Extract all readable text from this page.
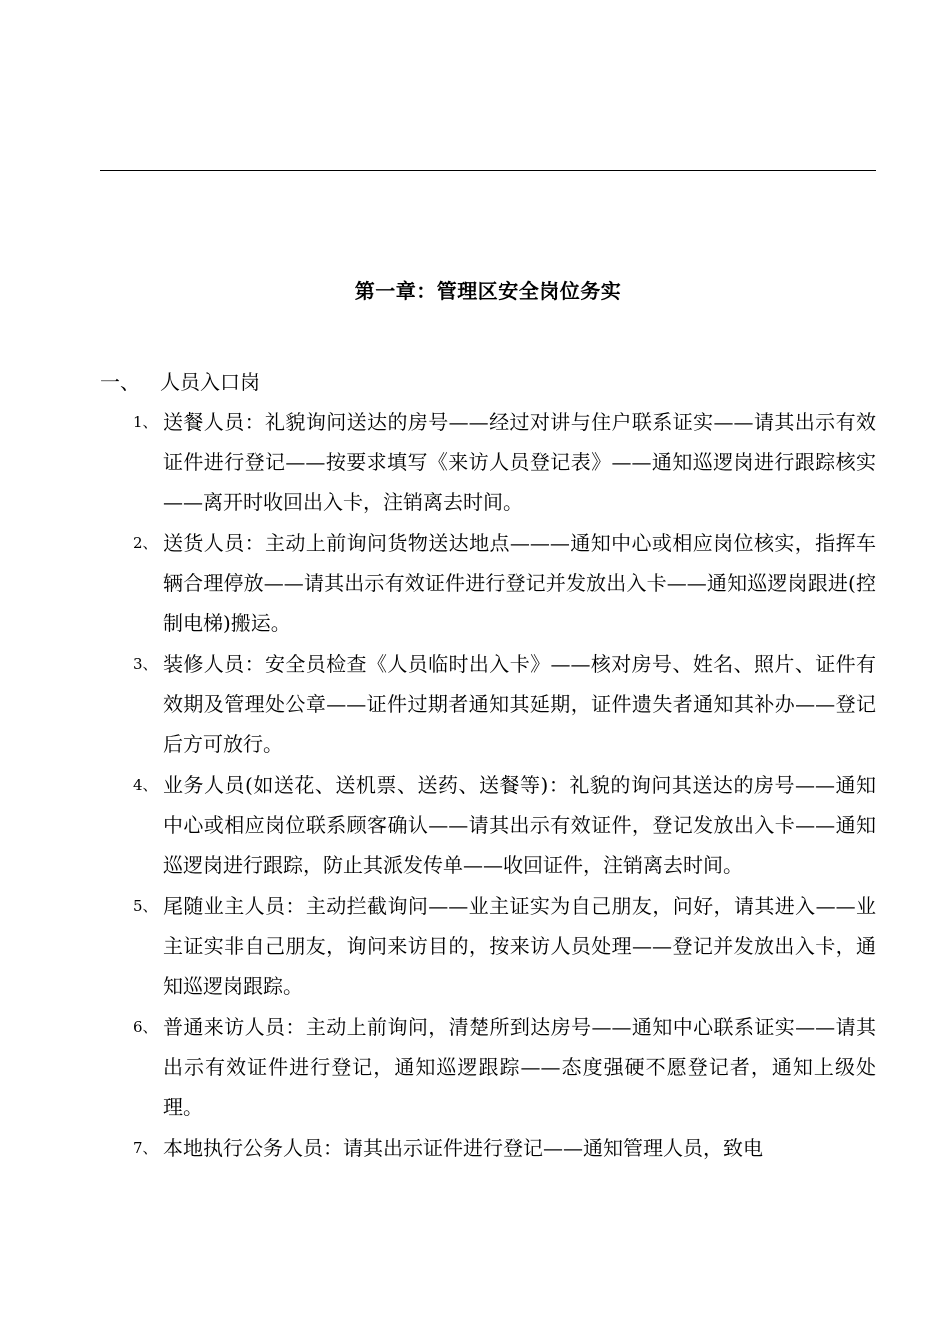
第一章：管理区安全岗位务实
一、 人员入口岗
1、 送餐人员：礼貌询问送达的房号——经过对讲与住户联系证实——请其出示有效证件进行登记——按要求填写《来访人员登记表》——通知巡逻岗进行跟踪核实——离开时收回出入卡，注销离去时间。
2、 送货人员：主动上前询问货物送达地点———通知中心或相应岗位核实，指挥车辆合理停放——请其出示有效证件进行登记并发放出入卡——通知巡逻岗跟进(控制电梯)搬运。
3、 装修人员：安全员检查《人员临时出入卡》——核对房号、姓名、照片、证件有效期及管理处公章——证件过期者通知其延期，证件遗失者通知其补办——登记后方可放行。
4、 业务人员(如送花、送机票、送药、送餐等)：礼貌的询问其送达的房号——通知中心或相应岗位联系顾客确认——请其出示有效证件，登记发放出入卡——通知巡逻岗进行跟踪，防止其派发传单——收回证件，注销离去时间。
5、 尾随业主人员：主动拦截询问——业主证实为自己朋友，问好，请其进入——业主证实非自己朋友，询问来访目的，按来访人员处理——登记并发放出入卡，通知巡逻岗跟踪。
6、 普通来访人员：主动上前询问，清楚所到达房号——通知中心联系证实——请其出示有效证件进行登记，通知巡逻跟踪——态度强硬不愿登记者，通知上级处理。
7、 本地执行公务人员：请其出示证件进行登记——通知管理人员，致电
